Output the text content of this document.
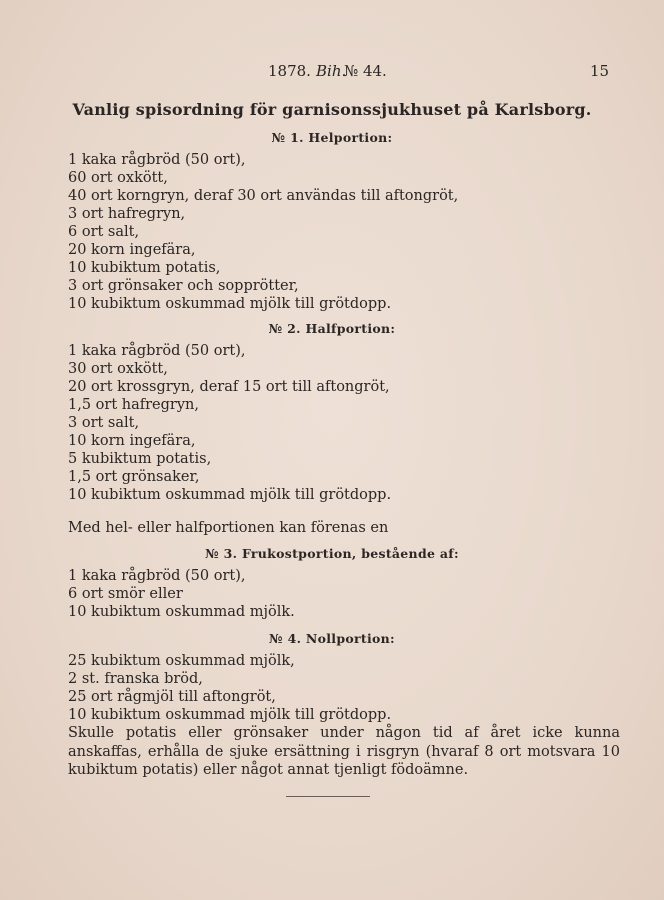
1878. Bih.
№ 44.	15
Vanlig spisordning för garnisonssjukhuset på Karlsborg.
№ 1. Helportion:
1 kaka rågbröd (50 ort),
60 ort oxkött,
40 ort korngryn, deraf 30 ort användas till aftongröt,
3 ort hafregryn,
6 ort salt,
20 korn ingefära,
10 kubiktum potatis,
3 ort grönsaker och sopprötter,
10 kubiktum oskummad mjölk till grötdopp.
№ 2. Halfportion:
1 kaka rågbröd (50 ort),
30 ort oxkött,
20 ort krossgryn, deraf 15 ort till aftongröt,
1,5 ort hafregryn,
3 ort salt,
10 korn ingefära,
5 kubiktum potatis,
1,5 ort grönsaker,
10 kubiktum oskummad mjölk till grötdopp.
Med hel- eller halfportionen kan förenas en
№ 3. Frukostportion, bestående af:
1 kaka rågbröd (50 ort),
6 ort smör eller
10 kubiktum oskummad mjölk.
№ 4. Nollportion:
25 kubiktum oskummad mjölk,
2 st. franska bröd,
25 ort rågmjöl till aftongröt,
10 kubiktum oskummad mjölk till grötdopp.
Skulle potatis eller grönsaker under någon tid af året icke kunna anskaffas, erhålla de sjuke ersättning i risgryn (hvaraf 8 ort motsvara 10 kubiktum potatis) eller något annat tjenligt födoämne.
